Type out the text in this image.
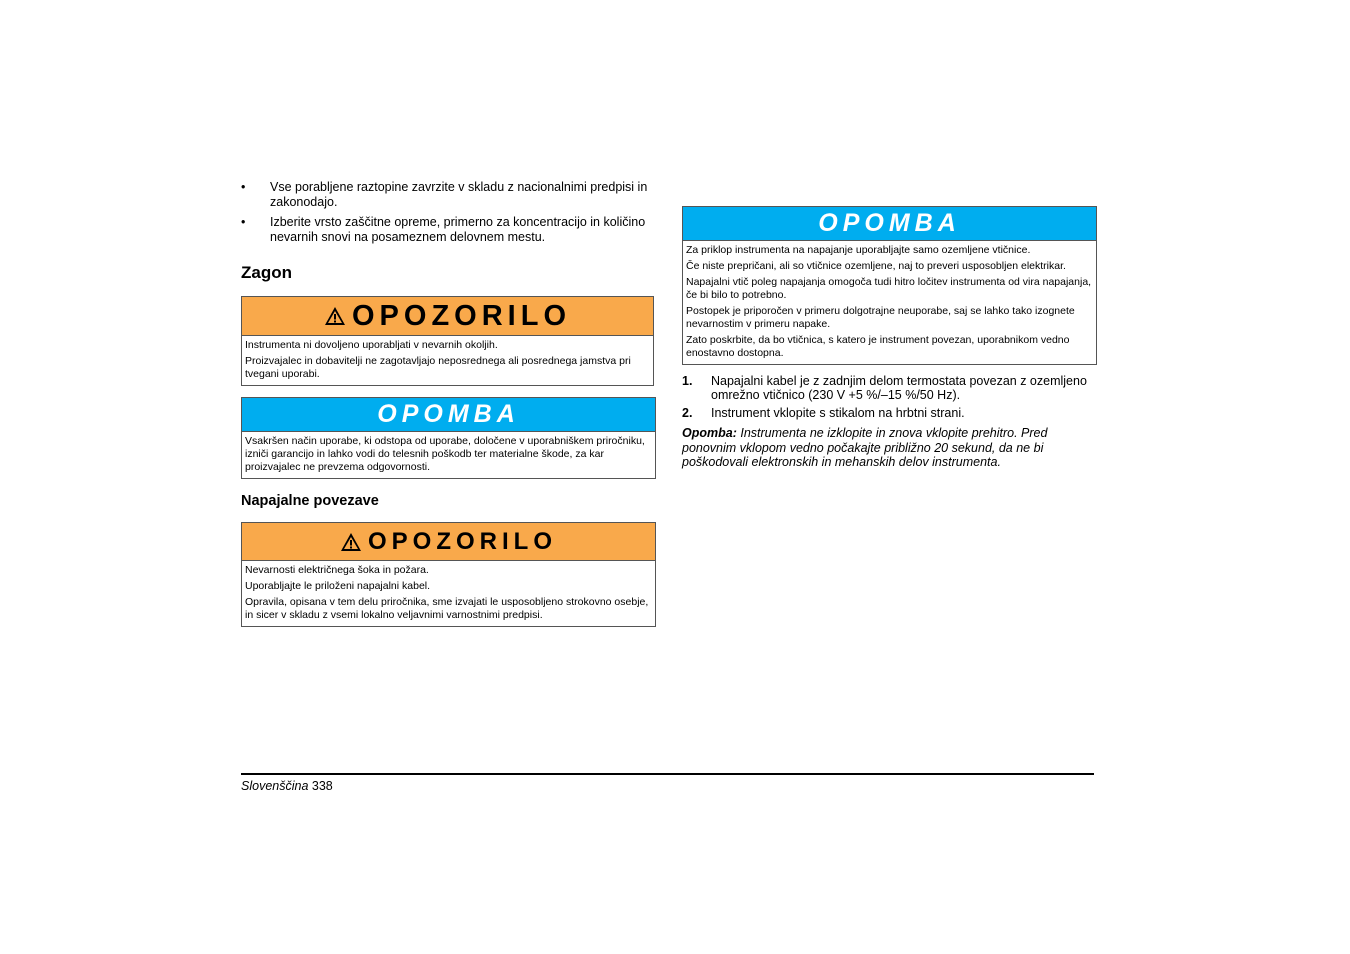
•	Vse porabljene raztopine zavrzite v skladu z nacionalnimi predpisi in zakonodajo.
•	Izberite vrsto zaščitne opreme, primerno za koncentracijo in količino nevarnih snovi na posameznem delovnem mestu.
Zagon
OPOZORILO

Instrumenta ni dovoljeno uporabljati v nevarnih okoljih.

Proizvajalec in dobavitelji ne zagotavljajo neposrednega ali posrednega jamstva pri tvegani uporabi.

OPOMBA

Vsakršen način uporabe, ki odstopa od uporabe, določene v uporabniškem priročniku, izniči garancijo in lahko vodi do telesnih poškodb ter materialne škode, za kar proizvajalec ne prevzema odgovornosti.

Napajalne povezave
OPOZORILO

Nevarnosti električnega šoka in požara.

Uporabljajte le priloženi napajalni kabel.

Opravila, opisana v tem delu priročnika, sme izvajati le usposobljeno strokovno osebje, in sicer v skladu z vsemi lokalno veljavnimi varnostnimi predpisi.

OPOMBA

Za priklop instrumenta na napajanje uporabljajte samo ozemljene vtičnice.

Če niste prepričani, ali so vtičnice ozemljene, naj to preveri usposobljen elektrikar.

Napajalni vtič poleg napajanja omogoča tudi hitro ločitev instrumenta od vira napajanja, če bi bilo to potrebno.

Postopek je priporočen v primeru dolgotrajne neuporabe, saj se lahko tako izognete nevarnostim v primeru napake.

Zato poskrbite, da bo vtičnica, s katero je instrument povezan, uporabnikom vedno enostavno dostopna.

1.	Napajalni kabel je z zadnjim delom termostata povezan z ozemljeno omrežno vtičnico (230 V +5 %/–15 %/50 Hz).
2.	Instrument vklopite s stikalom na hrbtni strani.
Opomba: Instrumenta ne izklopite in znova vklopite prehitro. Pred ponovnim vklopom vedno počakajte približno 20 sekund, da ne bi poškodovali elektronskih in mehanskih delov instrumenta.
Slovenščina 338
